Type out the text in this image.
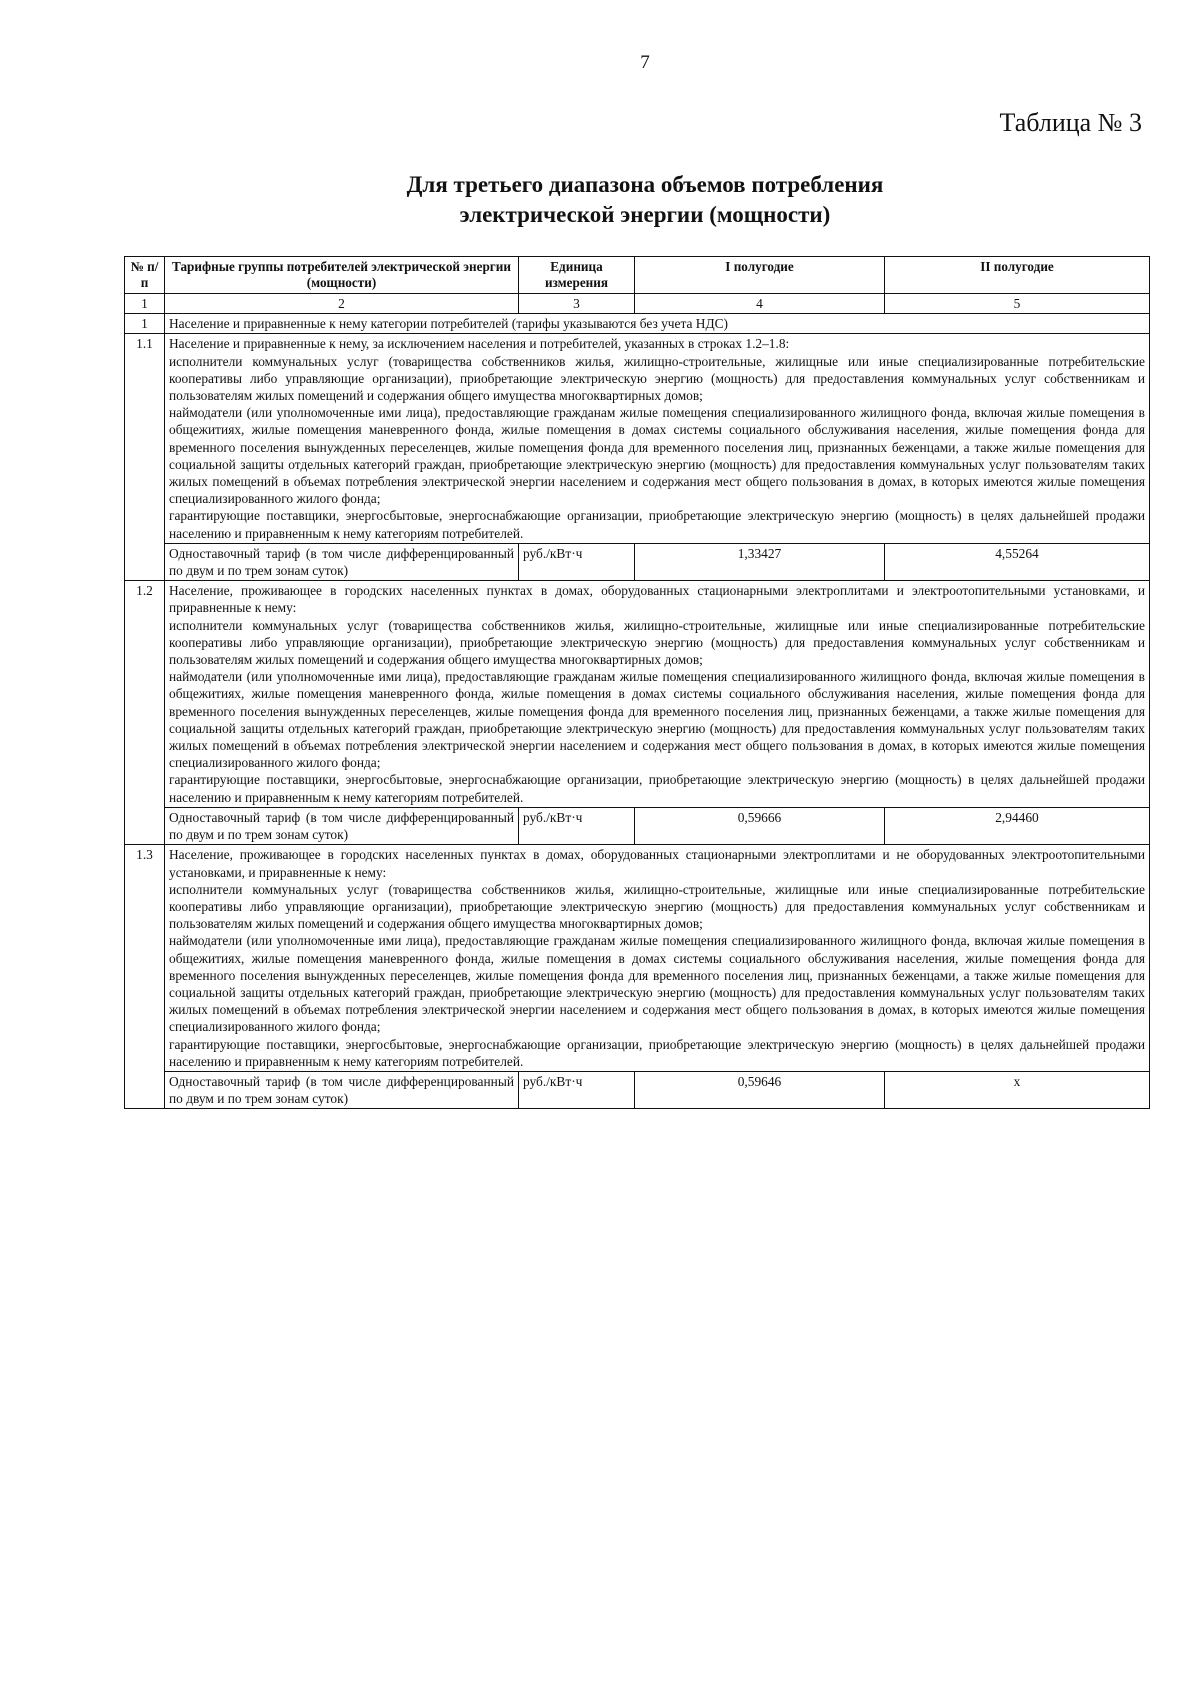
7
Таблица № 3
Для третьего диапазона объемов потребления
электрической энергии (мощности)
№ п/п	Тарифные группы потребителей электрической энергии (мощности)	Единица измерения	I полугодие	II полугодие
1	2	3	4	5
1	Население и приравненные к нему категории потребителей (тарифы указываются без учета НДС)			
1.1	Население и приравненные к нему, за исключением населения и потребителей, указанных в строках 1.2–1.8:
исполнители коммунальных услуг (товарищества собственников жилья, жилищно-строительные, жилищные или иные специализированные потребительские кооперативы либо управляющие организации), приобретающие электрическую энергию (мощность) для предоставления коммунальных услуг собственникам и пользователям жилых помещений и содержания общего имущества многоквартирных домов;
наймодатели (или уполномоченные ими лица), предоставляющие гражданам жилые помещения специализированного жилищного фонда, включая жилые помещения в общежитиях, жилые помещения маневренного фонда, жилые помещения в домах системы социального обслуживания населения, жилые помещения фонда для временного поселения вынужденных переселенцев, жилые помещения фонда для временного поселения лиц, признанных беженцами, а также жилые помещения для социальной защиты отдельных категорий граждан, приобретающие электрическую энергию (мощность) для предоставления коммунальных услуг пользователям таких жилых помещений в объемах потребления электрической энергии населением и содержания мест общего пользования в домах, в которых имеются жилые помещения специализированного жилого фонда;
гарантирующие поставщики, энергосбытовые, энергоснабжающие организации, приобретающие электрическую энергию (мощность) в целях дальнейшей продажи населению и приравненным к нему категориям потребителей.			

	Одноставочный тариф (в том числе дифференцированный по двум и по трем зонам суток)	руб./кВт·ч	1,33427	4,55264
1.2	Население, проживающее в городских населенных пунктах в домах, оборудованных стационарными электроплитами и электроотопительными установками, и приравненные к нему:
исполнители коммунальных услуг (товарищества собственников жилья, жилищно-строительные, жилищные или иные специализированные потребительские кооперативы либо управляющие организации), приобретающие электрическую энергию (мощность) для предоставления коммунальных услуг собственникам и пользователям жилых помещений и содержания общего имущества многоквартирных домов;
наймодатели (или уполномоченные ими лица), предоставляющие гражданам жилые помещения специализированного жилищного фонда, включая жилые помещения в общежитиях, жилые помещения маневренного фонда, жилые помещения в домах системы социального обслуживания населения, жилые помещения фонда для временного поселения вынужденных переселенцев, жилые помещения фонда для временного поселения лиц, признанных беженцами, а также жилые помещения для социальной защиты отдельных категорий граждан, приобретающие электрическую энергию (мощность) для предоставления коммунальных услуг пользователям таких жилых помещений в объемах потребления электрической энергии населением и содержания мест общего пользования в домах, в которых имеются жилые помещения специализированного жилого фонда;
гарантирующие поставщики, энергосбытовые, энергоснабжающие организации, приобретающие электрическую энергию (мощность) в целях дальнейшей продажи населению и приравненным к нему категориям потребителей.			

	Одноставочный тариф (в том числе дифференцированный по двум и по трем зонам суток)	руб./кВт·ч	0,59666	2,94460
1.3	Население, проживающее в городских населенных пунктах в домах, оборудованных стационарными электроплитами и не оборудованных электроотопительными установками, и приравненные к нему:
исполнители коммунальных услуг (товарищества собственников жилья, жилищно-строительные, жилищные или иные специализированные потребительские кооперативы либо управляющие организации), приобретающие электрическую энергию (мощность) для предоставления коммунальных услуг собственникам и пользователям жилых помещений и содержания общего имущества многоквартирных домов;
наймодатели (или уполномоченные ими лица), предоставляющие гражданам жилые помещения специализированного жилищного фонда, включая жилые помещения в общежитиях, жилые помещения маневренного фонда, жилые помещения в домах системы социального обслуживания населения, жилые помещения фонда для временного поселения вынужденных переселенцев, жилые помещения фонда для временного поселения лиц, признанных беженцами, а также жилые помещения для социальной защиты отдельных категорий граждан, приобретающие электрическую энергию (мощность) для предоставления коммунальных услуг пользователям таких жилых помещений в объемах потребления электрической энергии населением и содержания мест общего пользования в домах, в которых имеются жилые помещения специализированного жилого фонда;
гарантирующие поставщики, энергосбытовые, энергоснабжающие организации, приобретающие электрическую энергию (мощность) в целях дальнейшей продажи населению и приравненным к нему категориям потребителей.			

	Одноставочный тариф (в том числе дифференцированный по двум и по трем зонам суток)	руб./кВт·ч	0,59646	х
